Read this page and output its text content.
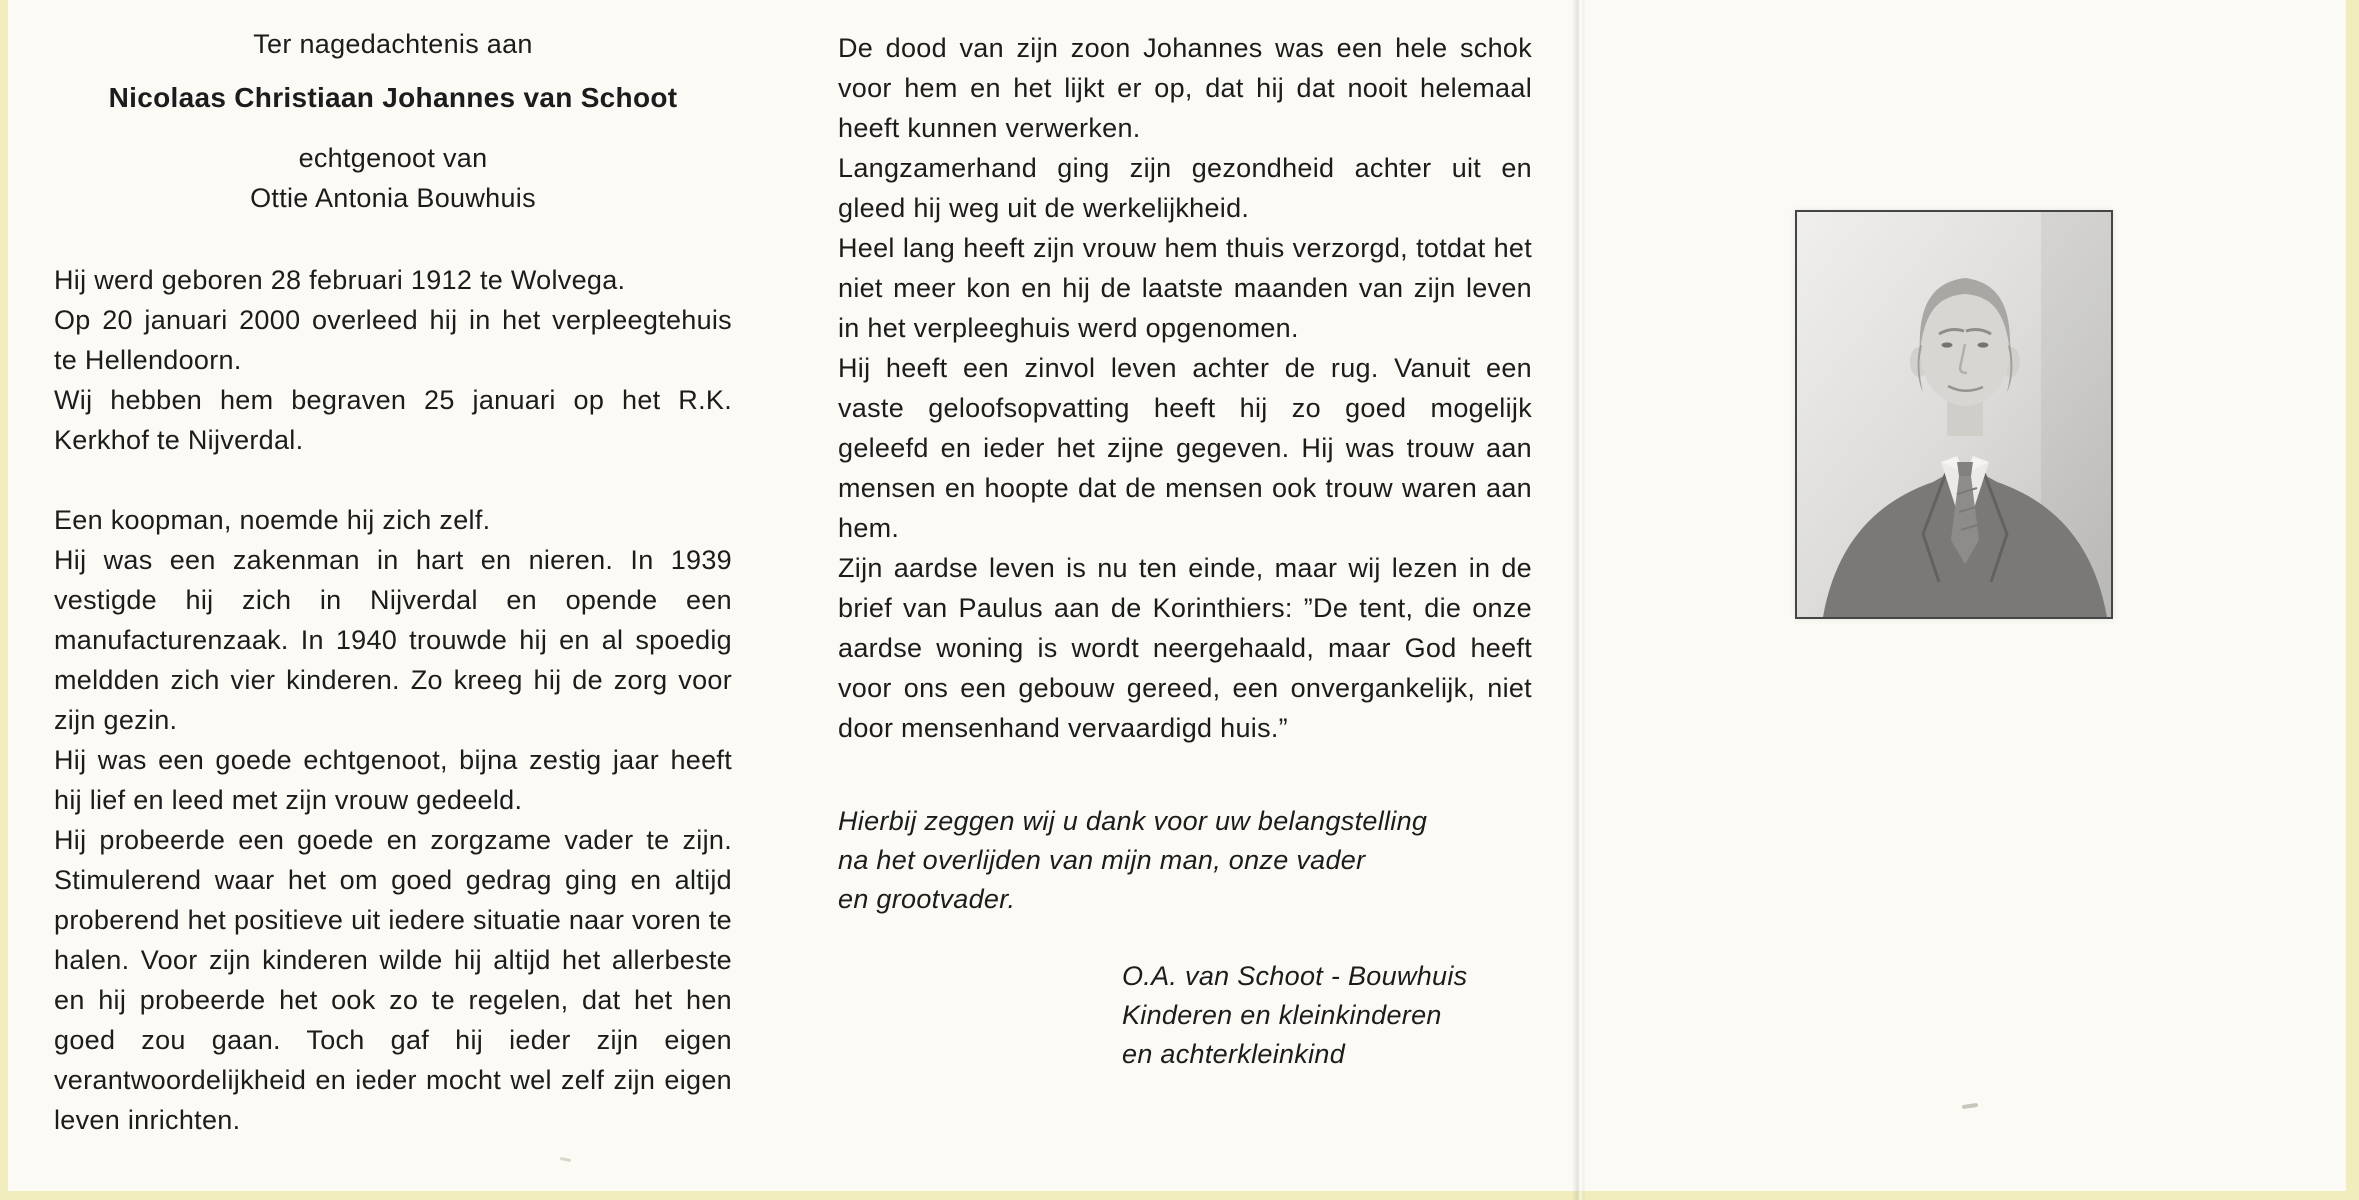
Ter nagedachtenis aan
Nicolaas Christiaan Johannes van Schoot
echtgenoot van
Ottie Antonia Bouwhuis

Hij werd geboren 28 februari 1912 te Wolvega.

Op 20 januari 2000 overleed hij in het verpleegtehuis te Hellendoorn.

Wij hebben hem begraven 25 januari op het R.K. Kerkhof te Nijverdal.

Een koopman, noemde hij zich zelf.

Hij was een zakenman in hart en nieren. In 1939 vestigde hij zich in Nijverdal en opende een manufacturenzaak. In 1940 trouwde hij en al spoedig meldden zich vier kinderen. Zo kreeg hij de zorg voor zijn gezin.

Hij was een goede echtgenoot, bijna zestig jaar heeft hij lief en leed met zijn vrouw gedeeld.

Hij probeerde een goede en zorgzame vader te zijn. Stimulerend waar het om goed gedrag ging en altijd proberend het positieve uit iedere situatie naar voren te halen. Voor zijn kinderen wilde hij altijd het allerbeste en hij probeerde het ook zo te regelen, dat het hen goed zou gaan. Toch gaf hij ieder zijn eigen verantwoordelijkheid en ieder mocht wel zelf zijn eigen leven inrichten.

De dood van zijn zoon Johannes was een hele schok voor hem en het lijkt er op, dat hij dat nooit helemaal heeft kunnen verwerken.

Langzamerhand ging zijn gezondheid achter uit en gleed hij weg uit de werkelijkheid.

Heel lang heeft zijn vrouw hem thuis verzorgd, totdat het niet meer kon en hij de laatste maanden van zijn leven in het verpleeghuis werd opgenomen.

Hij heeft een zinvol leven achter de rug. Vanuit een vaste geloofsopvatting heeft hij zo goed mogelijk geleefd en ieder het zijne gegeven. Hij was trouw aan mensen en hoopte dat de mensen ook trouw waren aan hem.

Zijn aardse leven is nu ten einde, maar wij lezen in de brief van Paulus aan de Korinthiers: ”De tent, die onze aardse woning is wordt neergehaald, maar God heeft voor ons een gebouw gereed, een onvergankelijk, niet door mensenhand vervaardigd huis.”

Hierbij zeggen wij u dank voor uw belangstelling
na het overlijden van mijn man, onze vader
en grootvader.
O.A. van Schoot - Bouwhuis
Kinderen en kleinkinderen
en achterkleinkind
